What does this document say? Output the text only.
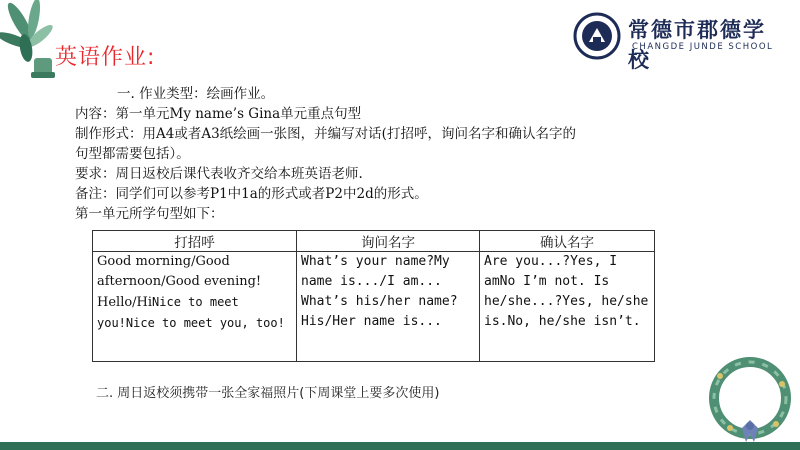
英语作业:
常德市郡德学校
CHANGDE JUNDE SCHOOL

一. 作业类型：绘画作业。

内容：第一单元My name’s Gina单元重点句型

制作形式：用A4或者A3纸绘画一张图，并编写对话(打招呼，询问名字和确认名字的

句型都需要包括）。

要求：周日返校后课代表收齐交给本班英语老师.

备注：同学们可以参考P1中1a的形式或者P2中2d的形式。

第一单元所学句型如下：

打招呼	询问名字	确认名字
Good morning/Good afternoon/Good evening! Hello/HiNice to meet you!Nice to meet you, too!	What’s your name?My name is.../I am... What’s his/her name?His/Her name is...	Are you...?Yes, I amNo I’m not. Is he/she...?Yes, he/she is.No, he/she isn’t.
二. 周日返校须携带一张全家福照片(下周课堂上要多次使用)
